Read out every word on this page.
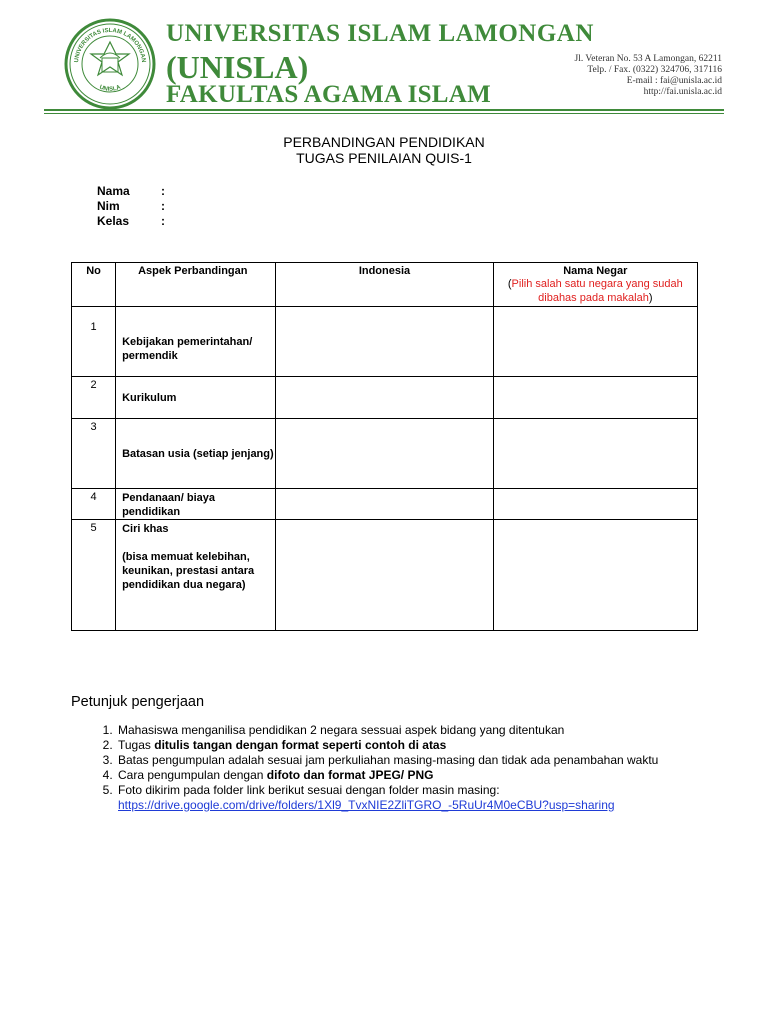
UNIVERSITAS ISLAM LAMONGAN
UNISLA
UNIVERSITAS ISLAM LAMONGAN
(UNISLA)
FAKULTAS AGAMA ISLAM
Jl. Veteran No. 53 A Lamongan, 62211
Telp. / Fax. (0322) 324706, 317116
E-mail : fai@unisla.ac.id
http://fai.unisla.ac.id
PERBANDINGAN PENDIDIKAN
TUGAS PENILAIAN QUIS-1
Nama	:
Nim	:
Kelas	:
No	Aspek Perbandingan	Indonesia	Nama Negar
(Pilih salah satu negara yang sudah dibahas pada makalah)

1	Kebijakan pemerintahan/ permendik		
2	Kurikulum		
3	Batasan usia (setiap jenjang)		
4	Pendanaan/ biaya pendidikan		
5	Ciri khas
(bisa memuat kelebihan, keunikan, prestasi antara pendidikan dua negara)		

Petunjuk pengerjaan
1. Mahasiswa menganilisa pendidikan 2 negara sessuai aspek bidang yang ditentukan
2. Tugas ditulis tangan dengan format seperti contoh di atas
3. Batas pengumpulan adalah sesuai jam perkuliahan masing-masing dan tidak ada penambahan waktu
4. Cara pengumpulan dengan difoto dan format JPEG/ PNG
5. Foto dikirim pada folder link berikut sesuai dengan folder masin masing:
https://drive.google.com/drive/folders/1Xl9_TvxNIE2ZliTGRO_-5RuUr4M0eCBU?usp=sharing
